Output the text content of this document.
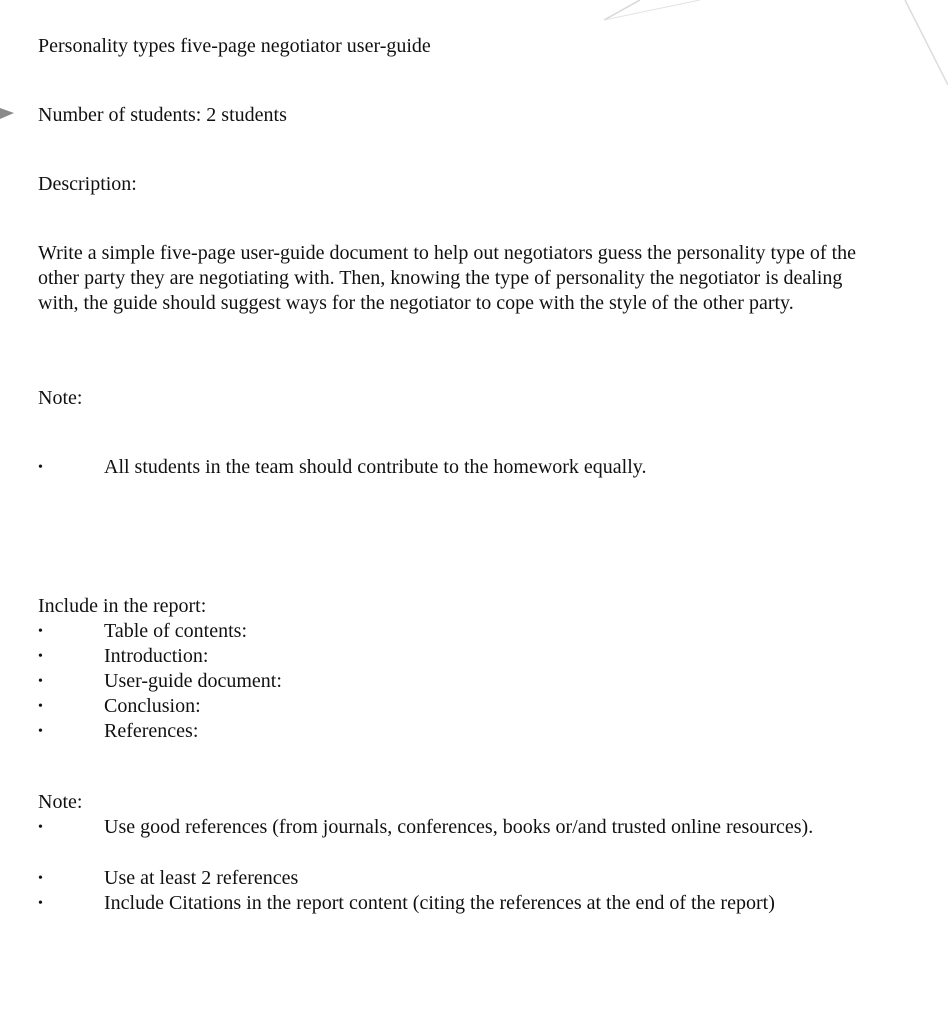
Personality types five-page negotiator user-guide

Number of students: 2 students

Description:

Write a simple five-page user-guide document to help out negotiators guess the personality type of the other party they are negotiating with. Then, knowing the type of personality the negotiator is dealing with, the guide should suggest ways for the negotiator to cope with the style of the other party.

Note:

•	All students in the team should contribute to the homework equally.

Include in the report:

•	Table of contents:
•	Introduction:
•	User-guide document:
•	Conclusion:
•	References:

Note:

•	Use good references (from journals, conferences, books or/and trusted online resources).

•	Use at least 2 references
•	Include Citations in the report content (citing the references at the end of the report)
